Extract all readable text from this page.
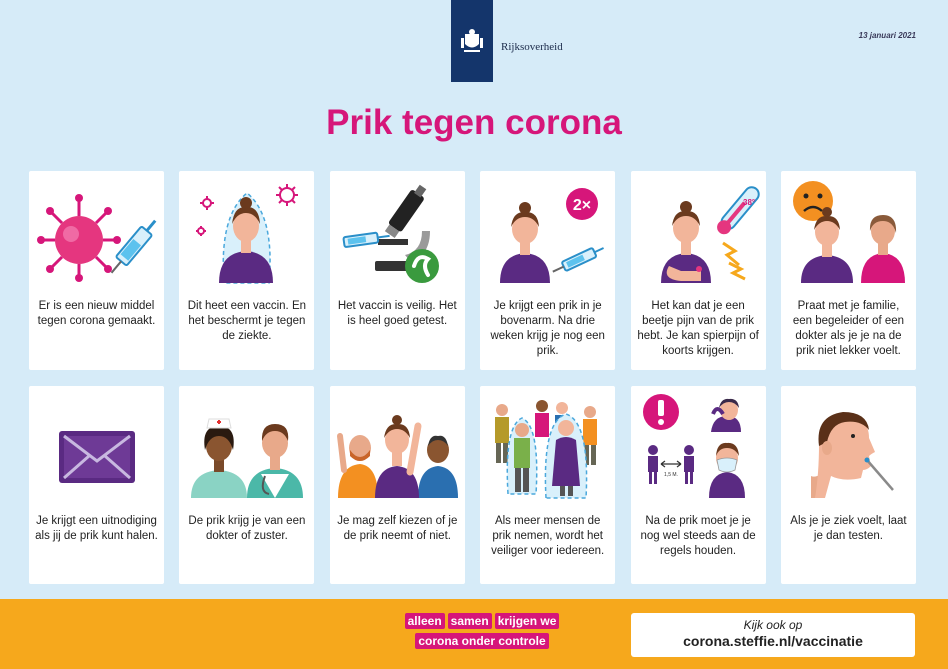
Rijksoverheid
13 januari 2021
Prik tegen corona
Er is een nieuw middel tegen corona gemaakt.
Dit heet een vaccin. En het beschermt je tegen de ziekte.
Het vaccin is veilig. Het is heel goed getest.
2×
Je krijgt een prik in je bovenarm. Na drie weken krijg je nog een prik.
38°
Het kan dat je een beetje pijn van de prik hebt. Je kan spierpijn of koorts krijgen.
Praat met je familie, een begeleider of een dokter als je je na de prik niet lekker voelt.
Je krijgt een uitnodiging als jij de prik kunt halen.
De prik krijg je van een dokter of zuster.
Je mag zelf kiezen of je de prik neemt of niet.
Als meer mensen de prik nemen, wordt het veiliger voor iedereen.
1,5 M.
Na de prik moet je je nog wel steeds aan de regels houden.
Als je je ziek voelt, laat je dan testen.
alleen samen krijgen we
corona onder controle
Kijk ook op
corona.steffie.nl/vaccinatie
